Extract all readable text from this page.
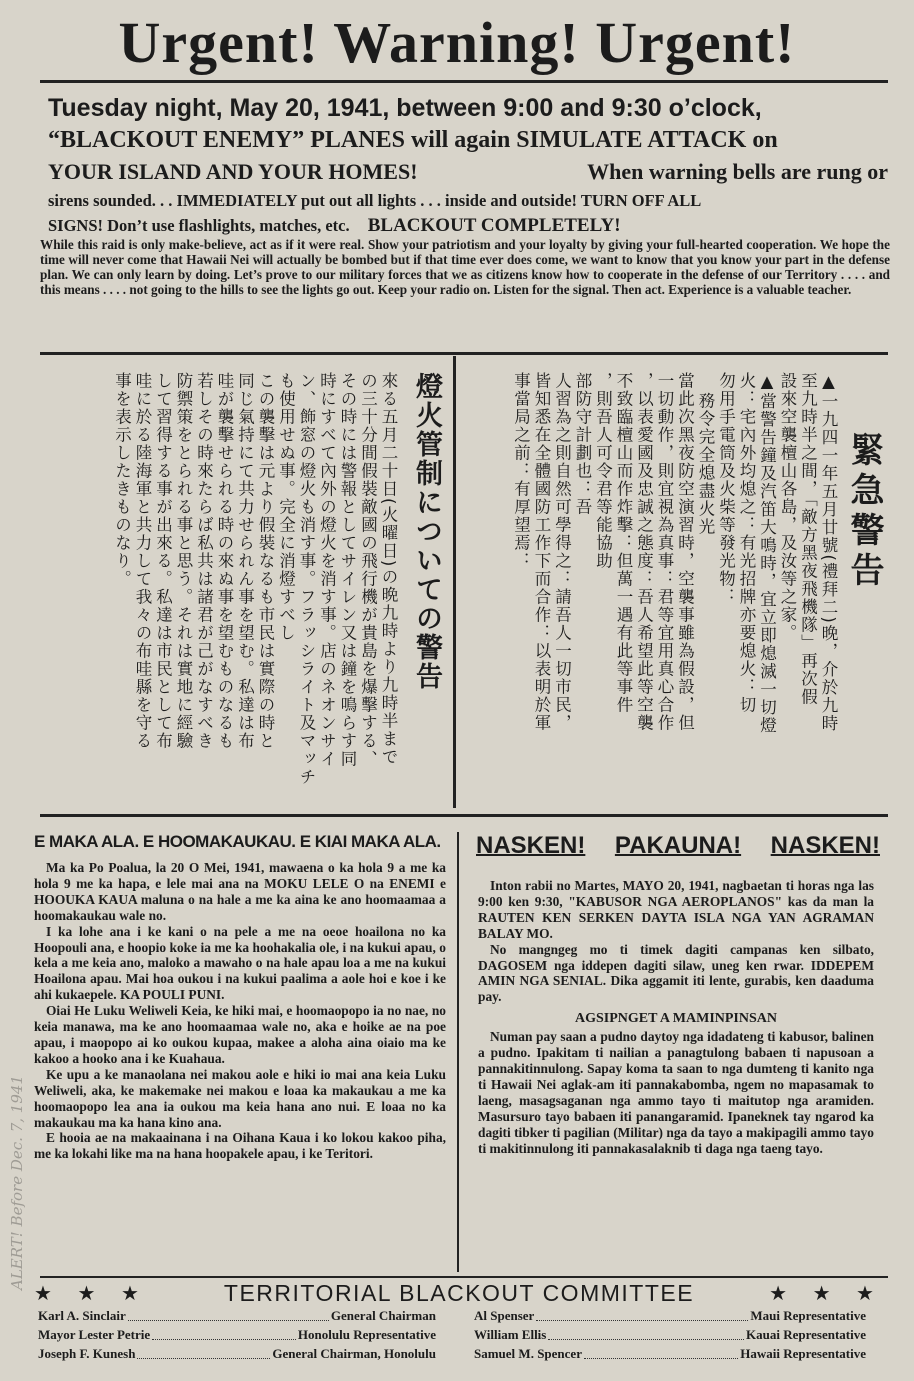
Urgent! Warning! Urgent!
Tuesday night, May 20, 1941, between 9:00 and 9:30 o’clock,
“BLACKOUT ENEMY” PLANES will again SIMULATE ATTACK on
YOUR ISLAND AND YOUR HOMES!	When warning bells are rung or
sirens sounded. . . IMMEDIATELY put out all lights . . . inside and outside! TURN OFF ALL
SIGNS! Don’t use flashlights, matches, etc. BLACKOUT COMPLETELY!

While this raid is only make-believe, act as if it were real. Show your patriotism and your loyalty by giving your full-hearted cooperation. We hope the time will never come that Hawaii Nei will actually be bombed but if that time ever does come, we want to know that you know your part in the defense plan. We can only learn by doing. Let’s prove to our military forces that we as citizens know how to cooperate in the defense of our Territory . . . . and this means . . . . not going to the hills to see the lights go out. Keep your radio on. Listen for the signal. Then act. Experience is a valuable teacher.

緊急警告
▲一九四一年五月廿號(禮拜二)晚，介於九時
至九時半之間，「敵方黑夜飛機隊」再次假
設來空襲檀山各島，及汝等之家。
▲當警告鐘及汽笛大鳴時，宜立即熄滅一切燈
火：宅內外均熄之：有光招牌亦要熄火：切
勿用手電筒及火柴等發光物：
務令完全熄盡火光
當此次黑夜防空演習時，空襲事雖為假設，但
一切動作，則宜視為真事：君等宜用真心合作
，以表愛國及忠誠之態度：吾人希望此等空襲
不致臨檀山而作炸擊：但萬一遇有此等事件
，則吾人可令君等能協助
部防守計劃也：吾
人習為之則自然可學得之：請吾人一切市民，
皆知悉在全體國防工作下而合作：以表明於軍
事當局之前：有厚望焉：
燈火管制についての警告
來る五月二十日(火曜日)の晩九時より九時半まで
の三十分間假裝敵國の飛行機が貴島を爆擊する、
その時には警報としてサイレン又は鐘を鳴らす同
時にすべて內外の燈火を消す事。店のネオンサイ
ン、飾窓の燈火も消す事。フラッシライト及マッチ
も使用せぬ事。完全に消燈すべし
この襲擊は元より假裝なるも市民は實際の時と
同じ氣持にて共力せられん事を望む。私達は布
哇が襲擊せられる時の來ぬ事を望むものなるも
若しその時來たらば私共は諸君が己がなすべき
防禦策をとられる事と思う。それは實地に經驗
して習得する事が出來る。私達は市民として布
哇に於る陸海軍と共力して我々の布哇縣を守る
事を表示したきものなり。
E MAKA ALA. E HOOMAKAUKAU. E KIAI MAKA ALA.

Ma ka Po Poalua, la 20 O Mei, 1941, mawaena o ka hola 9 a me ka hola 9 me ka hapa, e lele mai ana na MOKU LELE O na ENEMI e HOOUKA KAUA maluna o na hale a me ka aina ke ano hoomaamaa a hoomakaukau wale no.

I ka lohe ana i ke kani o na pele a me na oeoe hoailona no ka Hoopouli ana, e hoopio koke ia me ka hoohakalia ole, i na kukui apau, o kela a me keia ano, maloko a mawaho o na hale apau loa a me na kukui Hoailona apau. Mai hoa oukou i na kukui paalima a aole hoi e koe i ke ahi kukaepele. KA POULI PUNI.

Oiai He Luku Weliweli Keia, ke hiki mai, e hoomaopopo ia no nae, no keia manawa, ma ke ano hoomaamaa wale no, aka e hoike ae na poe apau, i maopopo ai ko oukou kupaa, makee a aloha aina oiaio ma ke kakoo a hooko ana i ke Kuahaua.

Ke upu a ke manaolana nei makou aole e hiki io mai ana keia Luku Weliweli, aka, ke makemake nei makou e loaa ka makaukau a me ka hoomaopopo lea ana ia oukou ma keia hana ano nui. E loaa no ka makaukau ma ka hana kino ana.

E hooia ae na makaainana i na Oihana Kaua i ko lokou kakoo piha, me ka lokahi like ma na hana hoopakele apau, i ke Teritori.

NASKEN! PAKAUNA! NASKEN!

Inton rabii no Martes, MAYO 20, 1941, nagbaetan ti horas nga las 9:00 ken 9:30, "KABUSOR NGA AEROPLANOS" kas da man la RAUTEN KEN SERKEN DAYTA ISLA NGA YAN AGRAMAN BALAY MO.

No mangngeg mo ti timek dagiti campanas ken silbato, DAGOSEM nga iddepen dagiti silaw, uneg ken rwar. IDDEPEM AMIN NGA SENIAL. Dika aggamit iti lente, gurabis, ken daaduma pay.

AGSIPNGET A MAMINPINSAN

Numan pay saan a pudno daytoy nga idadateng ti kabusor, balinen a pudno. Ipakitam ti nailian a panagtulong babaen ti napusoan a pannakitinnulong. Sapay koma ta saan to nga dumteng ti kanito nga ti Hawaii Nei aglak-am iti pannakabomba, ngem no mapasamak to laeng, masagsaganan nga ammo tayo ti maitutop nga aramiden. Masursuro tayo babaen iti panangaramid. Ipaneknek tay ngarod ka dagiti tibker ti pagilian (Militar) nga da tayo a makipagili ammo tayo ti makitinnulong iti pannakasalaknib ti daga nga taeng tayo.

★ ★ ★	TERRITORIAL BLACKOUT COMMITTEE	★ ★ ★
Karl A. Sinclair	General Chairman
Mayor Lester Petrie	Honolulu Representative
Joseph F. Kunesh	General Chairman, Honolulu
Al Spenser	Maui Representative
William Ellis	Kauai Representative
Samuel M. Spencer	Hawaii Representative
ALERT! Before Dec. 7, 1941
